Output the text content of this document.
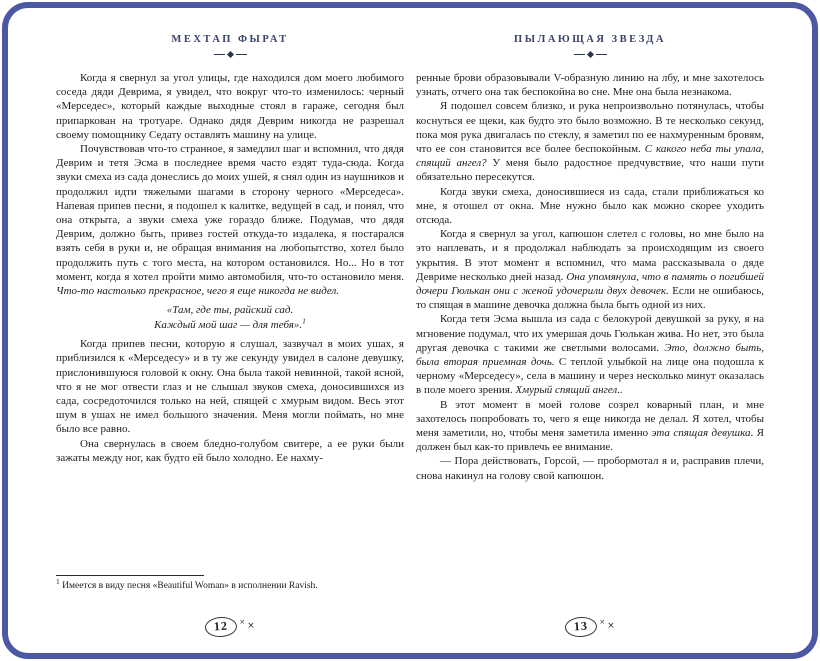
МЕХТАП ФЫРАТ

Когда я свернул за угол улицы, где находился дом моего любимого соседа дяди Деврима, я увидел, что вокруг что-то изменилось: черный «Мерседес», который каждые выходные стоял в гараже, сегодня был припаркован на тротуаре. Однако дядя Деврим никогда не разрешал своему помощнику Седату оставлять машину на улице.

Почувствовав что-то странное, я замедлил шаг и вспомнил, что дядя Деврим и тетя Эсма в последнее время часто ездят туда-сюда. Когда звуки смеха из сада донеслись до моих ушей, я снял один из наушников и продолжил идти тяжелыми шагами в сторону черного «Мерседеса». Напевая припев песни, я подошел к калитке, ведущей в сад, и понял, что она открыта, а звуки смеха уже гораздо ближе. Подумав, что дядя Деврим, должно быть, привез гостей откуда-то издалека, я постарался взять себя в руки и, не обращая внимания на любопытство, хотел было продолжить путь с того места, на котором остановился. Но... Но в тот момент, когда я хотел пройти мимо автомобиля, что-то остановило меня. Что-то настолько прекрасное, чего я еще никогда не видел.

«Там, где ты, райский сад.
Каждый мой шаг — для тебя».$^1$

Когда припев песни, которую я слушал, зазвучал в моих ушах, я приблизился к «Мерседесу» и в ту же секунду увидел в салоне девушку, прислонившуюся головой к окну. Она была такой невинной, такой ясной, что я не мог отвести глаз и не слышал звуков смеха, доносившихся из сада, сосредоточился только на ней, спящей с хмурым видом. Весь этот шум в ушах не имел большого значения. Меня могли поймать, но мне было все равно.

Она свернулась в своем бледно-голубом свитере, а ее руки были зажаты между ног, как будто ей было холодно. Ее нахму-

$^1$ Имеется в виду песня «Beautiful Woman» в исполнении Ravish.
12	× ×
ПЫЛАЮЩАЯ ЗВЕЗДА

ренные брови образовывали V-образную линию на лбу, и мне захотелось узнать, отчего она так беспокойна во сне. Мне она была незнакома.

Я подошел совсем близко, и рука непроизвольно потянулась, чтобы коснуться ее щеки, как будто это было возможно. В те несколько секунд, пока моя рука двигалась по стеклу, я заметил по ее нахмуренным бровям, что ее сон становится все более беспокойным. С какого неба ты упала, спящий ангел? У меня было радостное предчувствие, что наши пути обязательно пересекутся.

Когда звуки смеха, доносившиеся из сада, стали приближаться ко мне, я отошел от окна. Мне нужно было как можно скорее уходить отсюда.

Когда я свернул за угол, капюшон слетел с головы, но мне было на это наплевать, и я продолжал наблюдать за происходящим из своего укрытия. В этот момент я вспомнил, что мама рассказывала о дяде Девриме несколько дней назад. Она упомянула, что в память о погибшей дочери Гюлькан они с женой удочерили двух девочек. Если не ошибаюсь, то спящая в машине девочка должна была быть одной из них.

Когда тетя Эсма вышла из сада с белокурой девушкой за руку, я на мгновение подумал, что их умершая дочь Гюлькан жива. Но нет, это была другая девочка с такими же светлыми волосами. Это, должно быть, была вторая приемная дочь. С теплой улыбкой на лице она подошла к черному «Мерседесу», села в машину и через несколько минут оказалась в поле моего зрения. Хмурый спящий ангел..

В этот момент в моей голове созрел коварный план, и мне захотелось попробовать то, чего я еще никогда не делал. Я хотел, чтобы меня заметили, но, чтобы меня заметила именно эта спящая девушка. Я должен был как-то привлечь ее внимание.

— Пора действовать, Горсой, — пробормотал я и, расправив плечи, снова накинул на голову свой капюшон.

13	× ×
